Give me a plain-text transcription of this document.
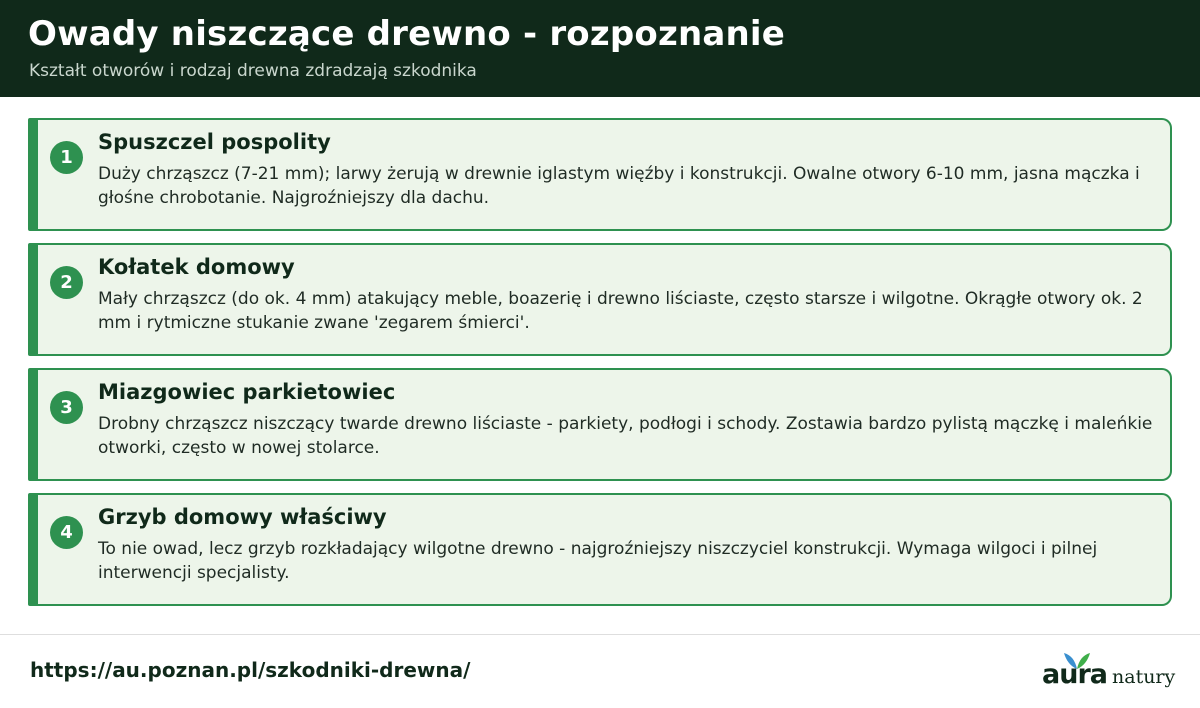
Owady niszczące drewno - rozpoznanie
Kształt otworów i rodzaj drewna zdradzają szkodnika
1
Spuszczel pospolity
Duży chrząszcz (7-21 mm); larwy żerują w drewnie iglastym więźby i konstrukcji. Owalne otwory 6-10 mm, jasna mączka i głośne chrobotanie. Najgroźniejszy dla dachu.
2
Kołatek domowy
Mały chrząszcz (do ok. 4 mm) atakujący meble, boazerię i drewno liściaste, często starsze i wilgotne. Okrągłe otwory ok. 2 mm i rytmiczne stukanie zwane 'zegarem śmierci'.
3
Miazgowiec parkietowiec
Drobny chrząszcz niszczący twarde drewno liściaste - parkiety, podłogi i schody. Zostawia bardzo pylistą mączkę i maleńkie otworki, często w nowej stolarce.
4
Grzyb domowy właściwy
To nie owad, lecz grzyb rozkładający wilgotne drewno - najgroźniejszy niszczyciel konstrukcji. Wymaga wilgoci i pilnej interwencji specjalisty.
https://au.poznan.pl/szkodniki-drewna/	aura natury
